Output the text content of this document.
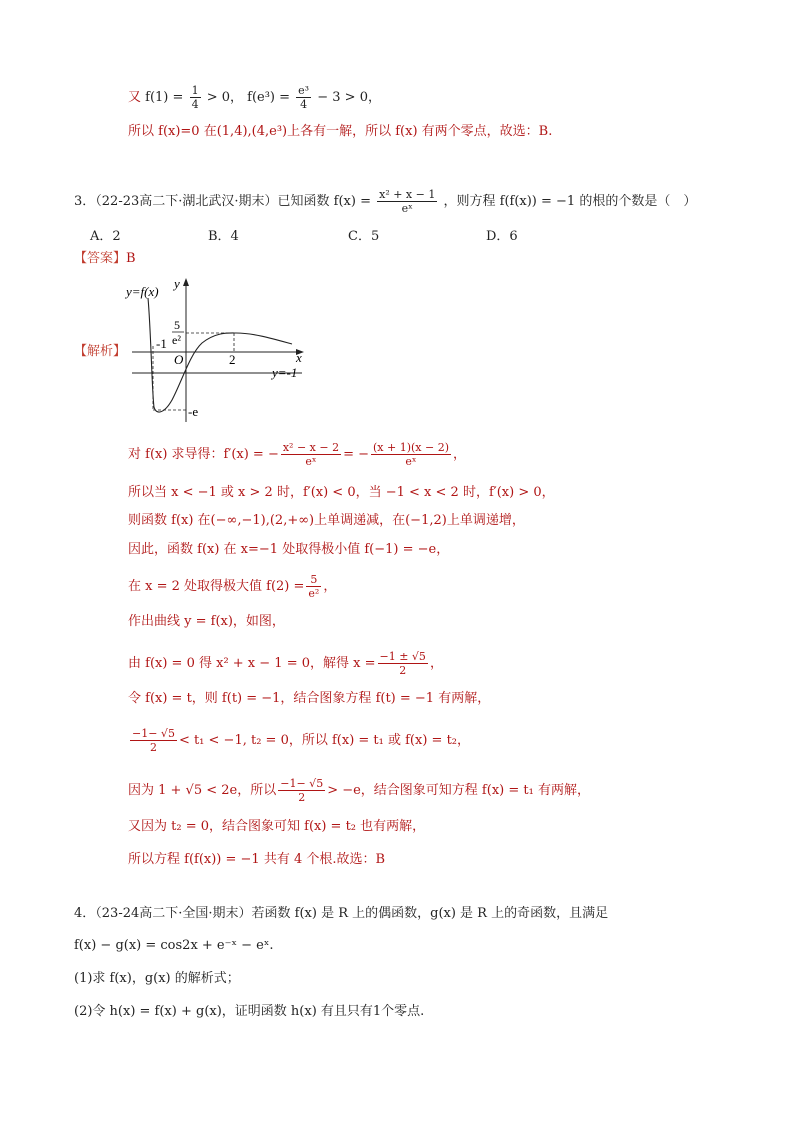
又 $f(1) = \frac{1}{4} > 0$， $f(e^3) = \frac{\text{e³}}{4} - 3 > 0$，
所以 f(x)=0 在(1,4),(4,e³)上各有一解，所以 f(x) 有两个零点，故选：B.
3．（22-23高二下·湖北武汉·期末）已知函数 $f(x) = \frac{\text{x² + x − 1}}{\text{eˣ}}$ ，则方程 f(f(x)) = −1 的根的个数是（　）
A．2	B．4	C．5	D．6
【答案】B
【解析】
y=f(x)
y
x
O
-1
2
5
e²
y=-1
-e
对 f(x) 求导得：f′(x) = − $\frac{\text{x² − x − 2}}{\text{eˣ}}$ = − $\frac{(x + 1)(x - 2)}{\text{eˣ}}$ ，
所以当 x < −1 或 x > 2 时，f′(x) < 0，当 −1 < x < 2 时，f′(x) > 0，
则函数 f(x) 在(−∞,−1),(2,+∞)上单调递减，在(−1,2)上单调递增，
因此，函数 f(x) 在 x=−1 处取得极小值 f(−1) = −e，
在 x = 2 处取得极大值 $f(2) = \frac{5}{\text{e²}}$ ，
作出曲线 y = f(x)，如图，
由 f(x) = 0 得 x² + x − 1 = 0，解得 $x = \frac{-1 \pm √5}{2}$ ，
令 f(x) = t，则 f(t) = −1，结合图象方程 f(t) = −1 有两解，
$\frac{-1- √5}{2} < t_1 < -1$, t₂ = 0，所以 f(x) = t₁ 或 f(x) = t₂，
因为 1 + √5 < 2e，所以 $\frac{-1- √5}{2} > -e$，结合图象可知方程 f(x) = t₁ 有两解，
又因为 t₂ = 0，结合图象可知 f(x) = t₂ 也有两解，
所以方程 f(f(x)) = −1 共有 4 个根.故选：B
4．（23-24高二下·全国·期末）若函数 f(x) 是 R 上的偶函数，g(x) 是 R 上的奇函数，且满足
f(x) − g(x) = cos2x + e⁻ˣ − eˣ.
(1)求 f(x)，g(x) 的解析式；
(2)令 h(x) = f(x) + g(x)，证明函数 h(x) 有且只有1个零点.
